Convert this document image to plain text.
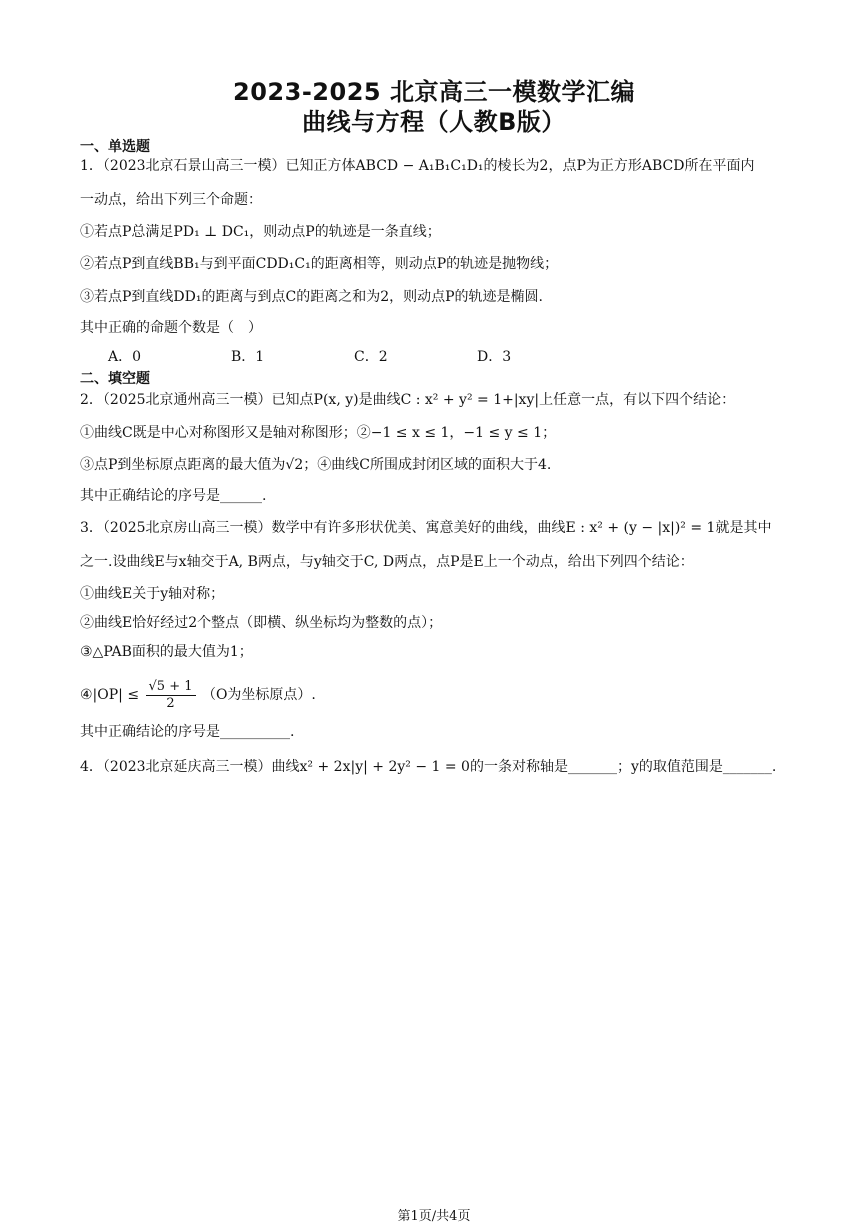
2023-2025 北京高三一模数学汇编
曲线与方程（人教B版）
一、单选题
1．（2023北京石景山高三一模）已知正方体ABCD − A₁B₁C₁D₁的棱长为2，点P为正方形ABCD所在平面内
一动点，给出下列三个命题：
①若点P总满足PD₁ ⊥ DC₁，则动点P的轨迹是一条直线；
②若点P到直线BB₁与到平面CDD₁C₁的距离相等，则动点P的轨迹是抛物线；
③若点P到直线DD₁的距离与到点C的距离之和为2，则动点P的轨迹是椭圆.
其中正确的命题个数是（　）
A．0	B．1	C．2	D．3
二、填空题
2．（2025北京通州高三一模）已知点P(x, y)是曲线C : x² + y² = 1+|xy|上任意一点，有以下四个结论：
①曲线C既是中心对称图形又是轴对称图形；②−1 ≤ x ≤ 1，−1 ≤ y ≤ 1；
③点P到坐标原点距离的最大值为√2；④曲线C所围成封闭区域的面积大于4.
其中正确结论的序号是______.
3．（2025北京房山高三一模）数学中有许多形状优美、寓意美好的曲线，曲线E : x² + (y − |x|)² = 1就是其中
之一.设曲线E与x轴交于A, B两点，与y轴交于C, D两点，点P是E上一个动点，给出下列四个结论：
①曲线E关于y轴对称；
②曲线E恰好经过2个整点（即横、纵坐标均为整数的点）；
③△PAB面积的最大值为1；
④|OP| ≤ $\frac{√5 + 1}{2} (O$为坐标原点）.
其中正确结论的序号是__________.
4．（2023北京延庆高三一模）曲线x² + 2x|y| + 2y² − 1 = 0的一条对称轴是_______；y的取值范围是_______.
第1页/共4页
